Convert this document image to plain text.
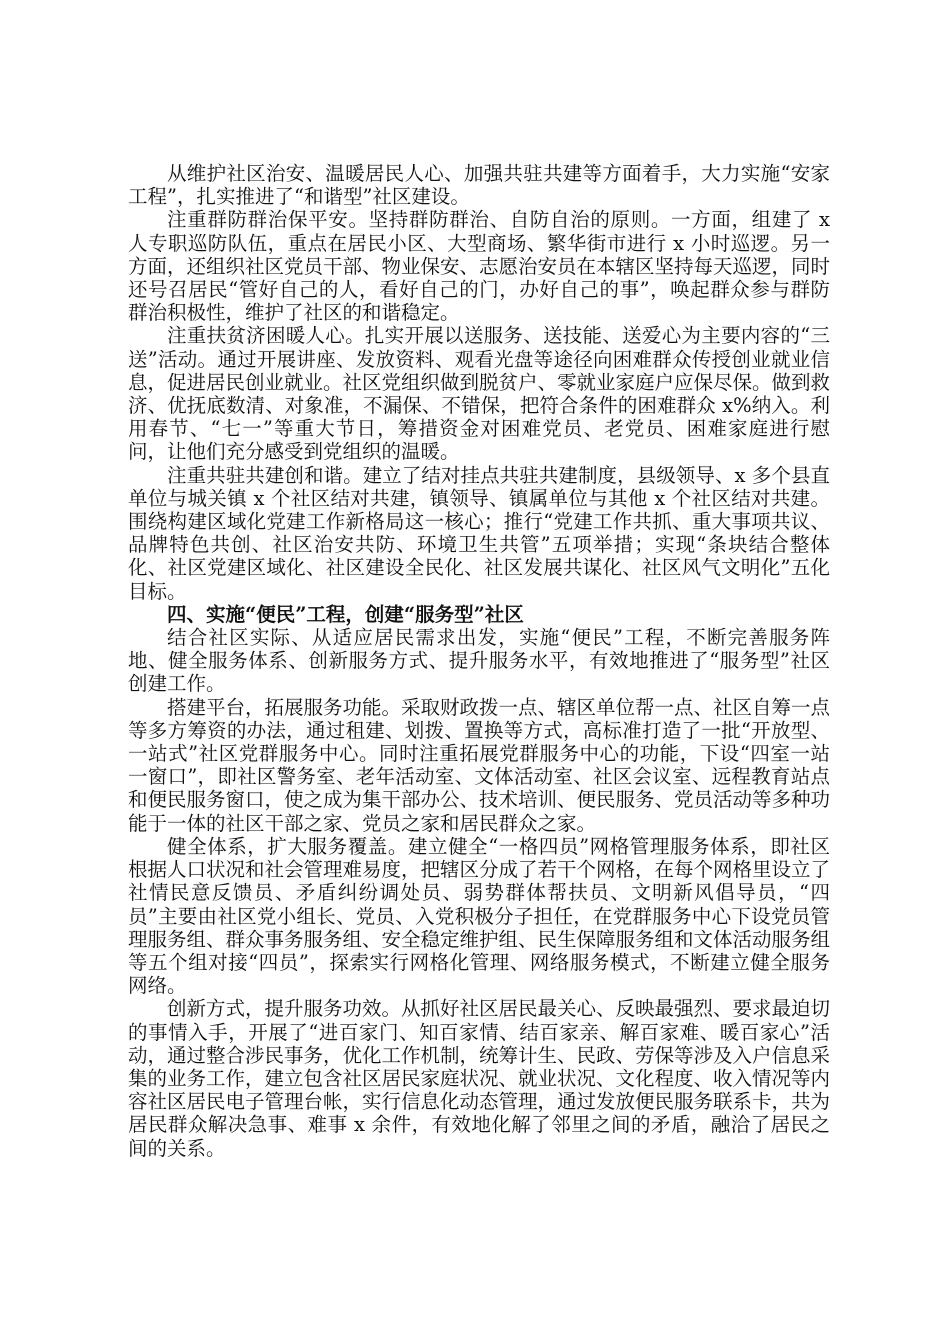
从维护社区治安、温暖居民人心、加强共驻共建等方面着手，大力实施“安家工程”，扎实推进了“和谐型”社区建设。

注重群防群治保平安。坚持群防群治、自防自治的原则。一方面，组建了 x 人专职巡防队伍，重点在居民小区、大型商场、繁华街市进行 x 小时巡逻。另一方面，还组织社区党员干部、物业保安、志愿治安员在本辖区坚持每天巡逻，同时还号召居民“管好自己的人，看好自己的门，办好自己的事”，唤起群众参与群防群治积极性，维护了社区的和谐稳定。

注重扶贫济困暖人心。扎实开展以送服务、送技能、送爱心为主要内容的“三送”活动。通过开展讲座、发放资料、观看光盘等途径向困难群众传授创业就业信息，促进居民创业就业。社区党组织做到脱贫户、零就业家庭户应保尽保。做到救济、优抚底数清、对象准，不漏保、不错保，把符合条件的困难群众 x%纳入。利用春节、“七一”等重大节日，筹措资金对困难党员、老党员、困难家庭进行慰问，让他们充分感受到党组织的温暖。

注重共驻共建创和谐。建立了结对挂点共驻共建制度，县级领导、x 多个县直单位与城关镇 x 个社区结对共建，镇领导、镇属单位与其他 x 个社区结对共建。围绕构建区域化党建工作新格局这一核心；推行“党建工作共抓、重大事项共议、品牌特色共创、社区治安共防、环境卫生共管”五项举措；实现“条块结合整体化、社区党建区域化、社区建设全民化、社区发展共谋化、社区风气文明化”五化目标。

四、实施“便民”工程，创建“服务型”社区

结合社区实际、从适应居民需求出发，实施“便民”工程，不断完善服务阵地、健全服务体系、创新服务方式、提升服务水平，有效地推进了“服务型”社区创建工作。

搭建平台，拓展服务功能。采取财政拨一点、辖区单位帮一点、社区自筹一点等多方筹资的办法，通过租建、划拨、置换等方式，高标准打造了一批“开放型、一站式”社区党群服务中心。同时注重拓展党群服务中心的功能，下设“四室一站一窗口”，即社区警务室、老年活动室、文体活动室、社区会议室、远程教育站点和便民服务窗口，使之成为集干部办公、技术培训、便民服务、党员活动等多种功能于一体的社区干部之家、党员之家和居民群众之家。

健全体系，扩大服务覆盖。建立健全“一格四员”网格管理服务体系，即社区根据人口状况和社会管理难易度，把辖区分成了若干个网格，在每个网格里设立了社情民意反馈员、矛盾纠纷调处员、弱势群体帮扶员、文明新风倡导员，“四员”主要由社区党小组长、党员、入党积极分子担任，在党群服务中心下设党员管理服务组、群众事务服务组、安全稳定维护组、民生保障服务组和文体活动服务组等五个组对接“四员”，探索实行网格化管理、网络服务模式，不断建立健全服务网络。

创新方式，提升服务功效。从抓好社区居民最关心、反映最强烈、要求最迫切的事情入手，开展了“进百家门、知百家情、结百家亲、解百家难、暖百家心”活动，通过整合涉民事务，优化工作机制，统筹计生、民政、劳保等涉及入户信息采集的业务工作，建立包含社区居民家庭状况、就业状况、文化程度、收入情况等内容社区居民电子管理台帐，实行信息化动态管理，通过发放便民服务联系卡，共为居民群众解决急事、难事 x 余件，有效地化解了邻里之间的矛盾，融洽了居民之间的关系。
